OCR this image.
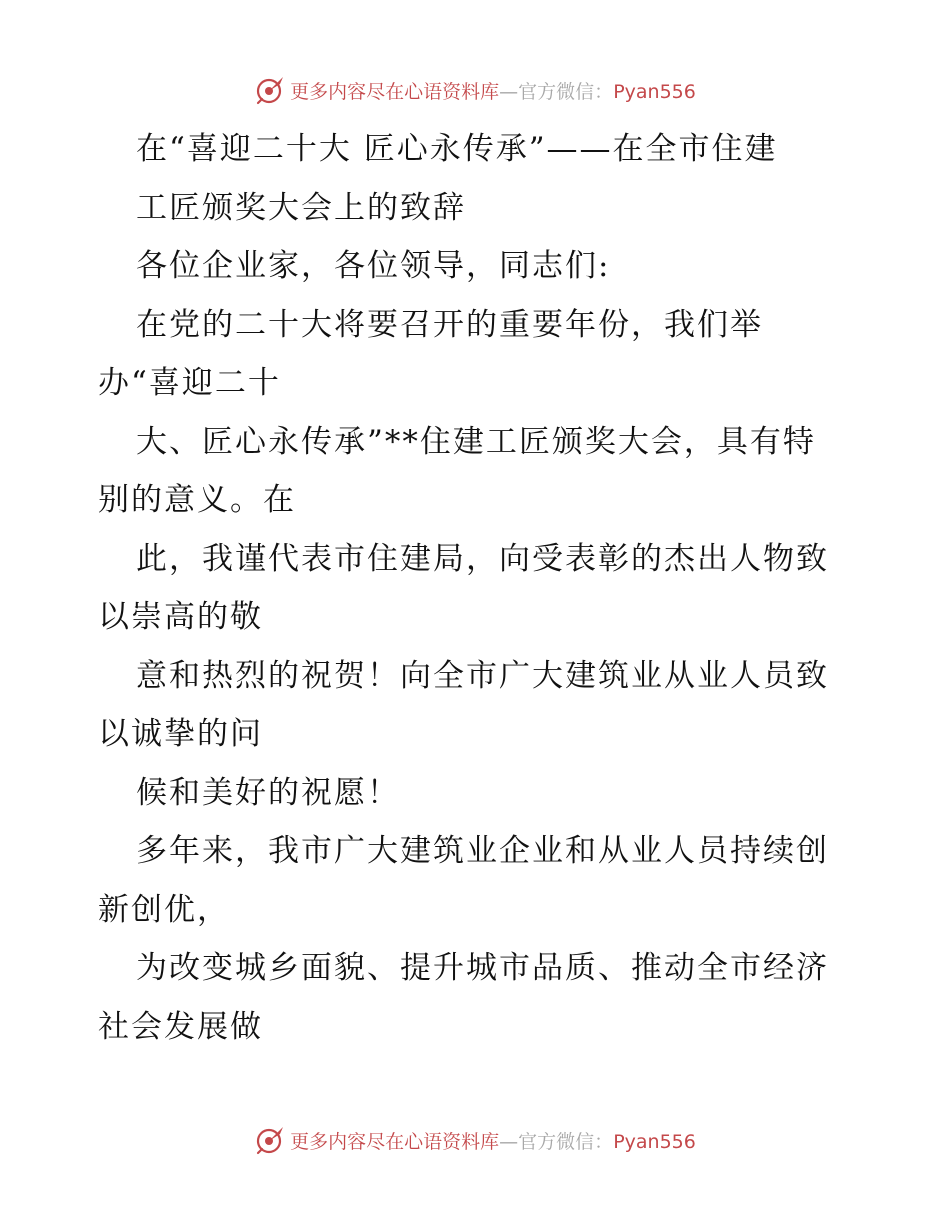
更多内容尽在心语资料库—官方微信：Pyan556
在“喜迎二十大 匠心永传承”——在全市住建
工匠颁奖大会上的致辞
各位企业家，各位领导，同志们:
在党的二十大将要召开的重要年份，我们举
办“喜迎二十
大、匠心永传承”**住建工匠颁奖大会，具有特
别的意义。在
此，我谨代表市住建局，向受表彰的杰出人物致
以崇高的敬
意和热烈的祝贺！向全市广大建筑业从业人员致
以诚挚的问
候和美好的祝愿！
多年来，我市广大建筑业企业和从业人员持续创
新创优，
为改变城乡面貌、提升城市品质、推动全市经济
社会发展做
更多内容尽在心语资料库—官方微信：Pyan556
